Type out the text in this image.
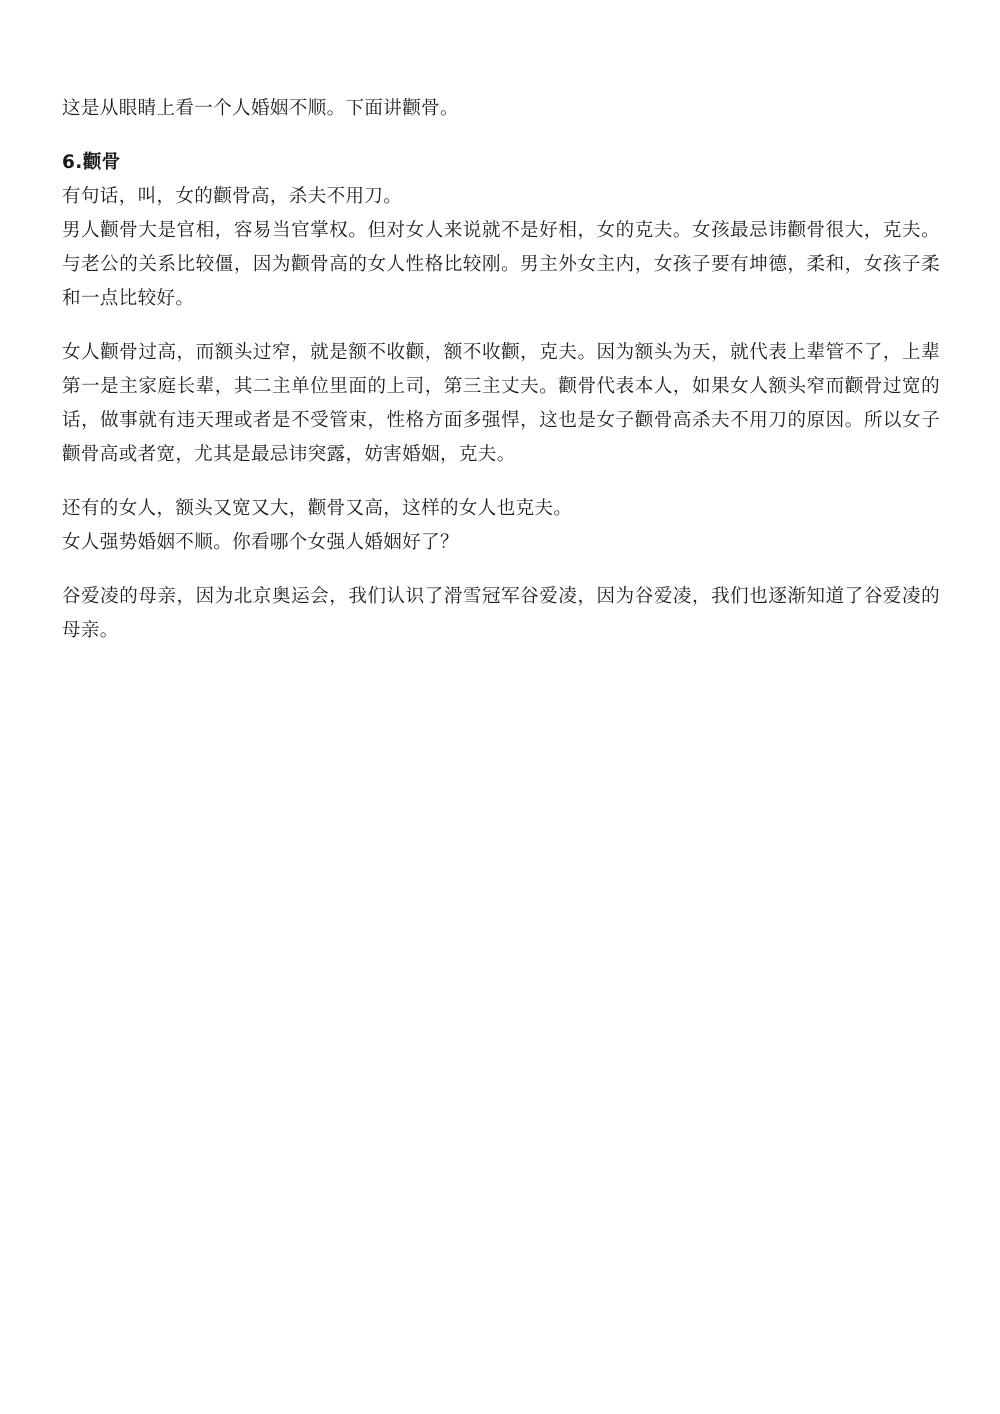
这是从眼睛上看一个人婚姻不顺。下面讲颧骨。

6.颧骨

有句话，叫，女的颧骨高，杀夫不用刀。

男人颧骨大是官相，容易当官掌权。但对女人来说就不是好相，女的克夫。女孩最忌讳颧骨很大，克夫。与老公的关系比较僵，因为颧骨高的女人性格比较刚。男主外女主内，女孩子要有坤德，柔和，女孩子柔和一点比较好。

女人颧骨过高，而额头过窄，就是额不收颧，额不收颧，克夫。因为额头为天，就代表上辈管不了，上辈第一是主家庭长辈，其二主单位里面的上司，第三主丈夫。颧骨代表本人，如果女人额头窄而颧骨过宽的话，做事就有违天理或者是不受管束，性格方面多强悍，这也是女子颧骨高杀夫不用刀的原因。所以女子颧骨高或者宽，尤其是最忌讳突露，妨害婚姻，克夫。

还有的女人，额头又宽又大，颧骨又高，这样的女人也克夫。

女人强势婚姻不顺。你看哪个女强人婚姻好了？

谷爱凌的母亲，因为北京奥运会，我们认识了滑雪冠军谷爱凌，因为谷爱凌，我们也逐渐知道了谷爱凌的母亲。
